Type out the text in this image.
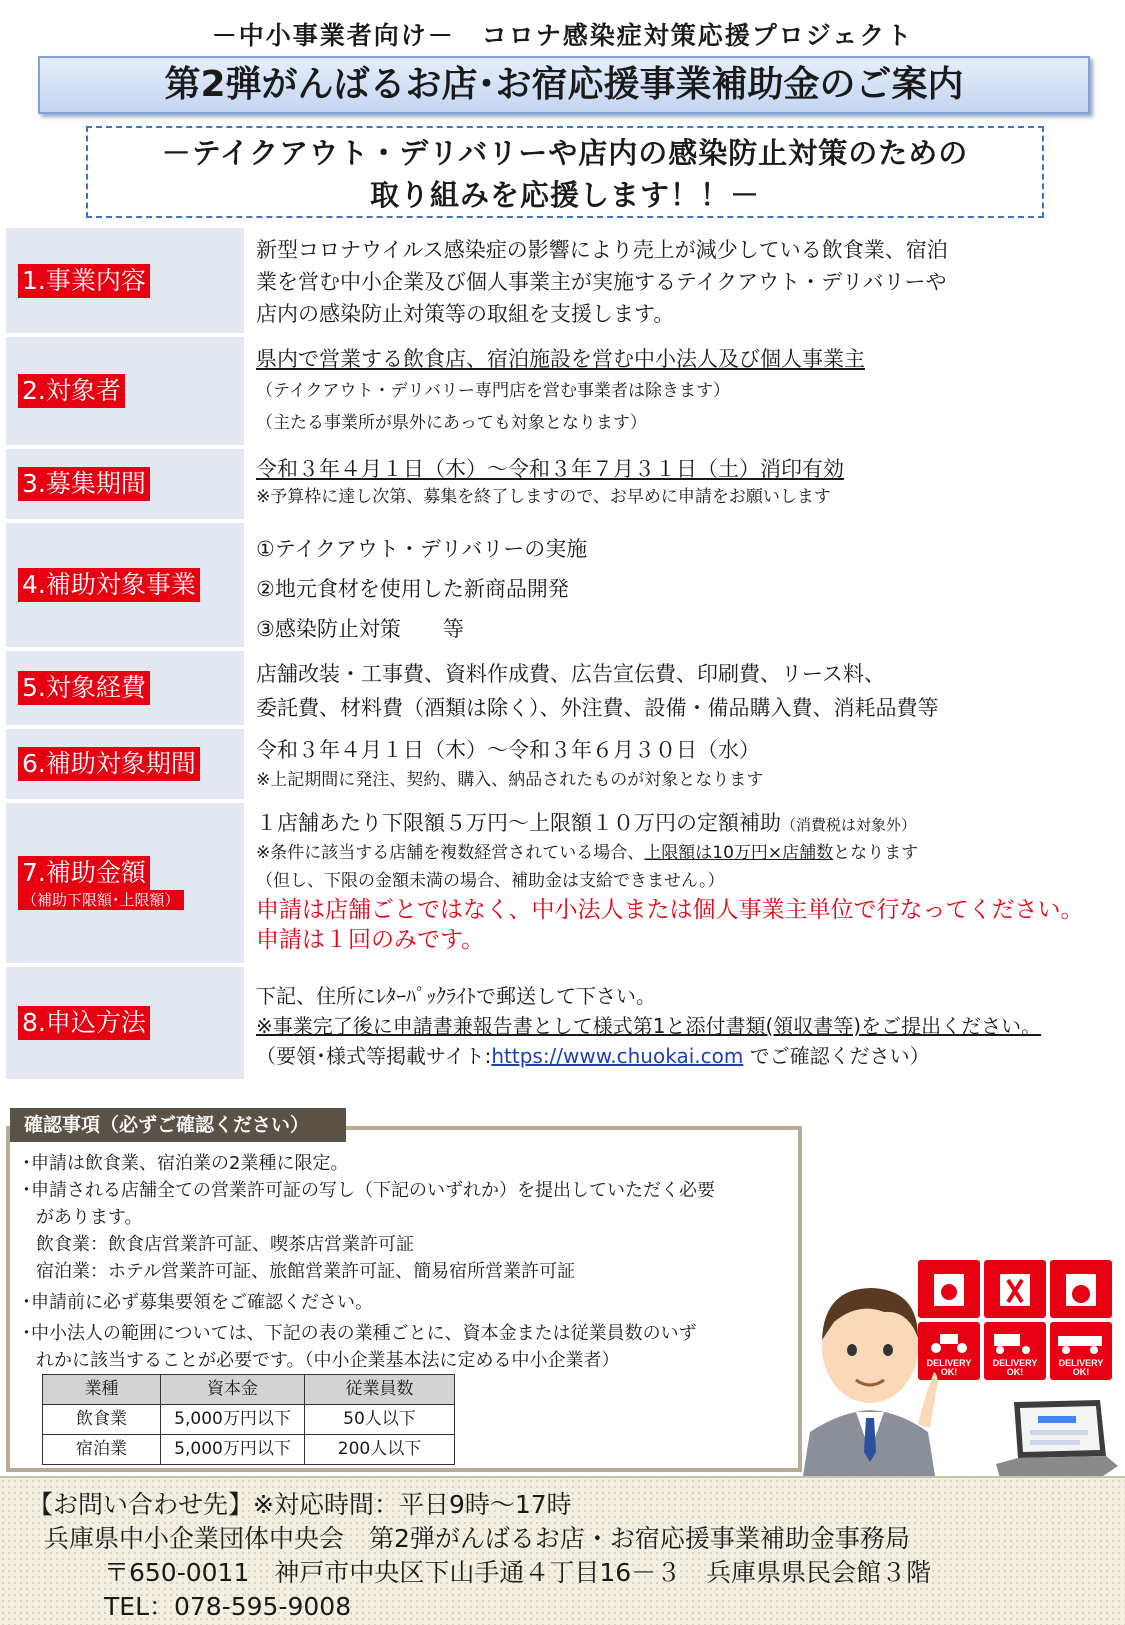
－中小事業者向け－　コロナ感染症対策応援プロジェクト
第2弾がんばるお店･お宿応援事業補助金のご案内
－テイクアウト・デリバリーや店内の感染防止対策のための
取り組みを応援します！！－
1.事業内容
新型コロナウイルス感染症の影響により売上が減少している飲食業、宿泊
業を営む中小企業及び個人事業主が実施するテイクアウト・デリバリーや
店内の感染防止対策等の取組を支援します。
2.対象者
県内で営業する飲食店、宿泊施設を営む中小法人及び個人事業主
（テイクアウト・デリバリー専門店を営む事業者は除きます）
（主たる事業所が県外にあっても対象となります）
3.募集期間	令和３年４月１日（木）～令和３年７月３１日（土）消印有効
※予算枠に達し次第、募集を終了しますので、お早めに申請をお願いします
4.補助対象事業
①テイクアウト・デリバリーの実施
②地元食材を使用した新商品開発
③感染防止対策　　等
5.対象経費	店舗改装・工事費、資料作成費、広告宣伝費、印刷費、リース料、
委託費、材料費（酒類は除く）、外注費、設備・備品購入費、消耗品費等
6.補助対象期間	令和３年４月１日（木）～令和３年６月３０日（水）
※上記期間に発注、契約、購入、納品されたものが対象となります
7.補助金額
（補助下限額･上限額）
１店舗あたり下限額５万円～上限額１０万円の定額補助（消費税は対象外）
※条件に該当する店舗を複数経営されている場合、上限額は10万円×店舗数となります
（但し、下限の金額未満の場合、補助金は支給できません。）
申請は店舗ごとではなく、中小法人または個人事業主単位で行なってください。申請は１回のみです。
8.申込方法
下記、住所にﾚﾀｰﾊﾟｯｸﾗｲﾄで郵送して下さい。
※事業完了後に申請書兼報告書として様式第1と添付書類(領収書等)をご提出ください。
（要領･様式等掲載サイト:https://www.chuokai.com でご確認ください）
･申請は飲食業、宿泊業の2業種に限定。
･申請される店舗全ての営業許可証の写し（下記のいずれか）を提出していただく必要
があります。
飲食業：飲食店営業許可証、喫茶店営業許可証
宿泊業：ホテル営業許可証、旅館営業許可証、簡易宿所営業許可証
･申請前に必ず募集要領をご確認ください。
･中小法人の範囲については、下記の表の業種ごとに、資本金または従業員数のいず
れかに該当することが必要です。（中小企業基本法に定める中小企業者）
業種	資本金	従業員数
飲食業	5,000万円以下	50人以下
宿泊業	5,000万円以下	200人以下
確認事項（必ずご確認ください）
DELIVERY
OK!
DELIVERY
OK!
DELIVERY
OK!
【お問い合わせ先】※対応時間：平日9時～17時
兵庫県中小企業団体中央会　第2弾がんばるお店・お宿応援事業補助金事務局
〒650-0011　神戸市中央区下山手通４丁目16－３　兵庫県県民会館３階
TEL：078-595-9008
